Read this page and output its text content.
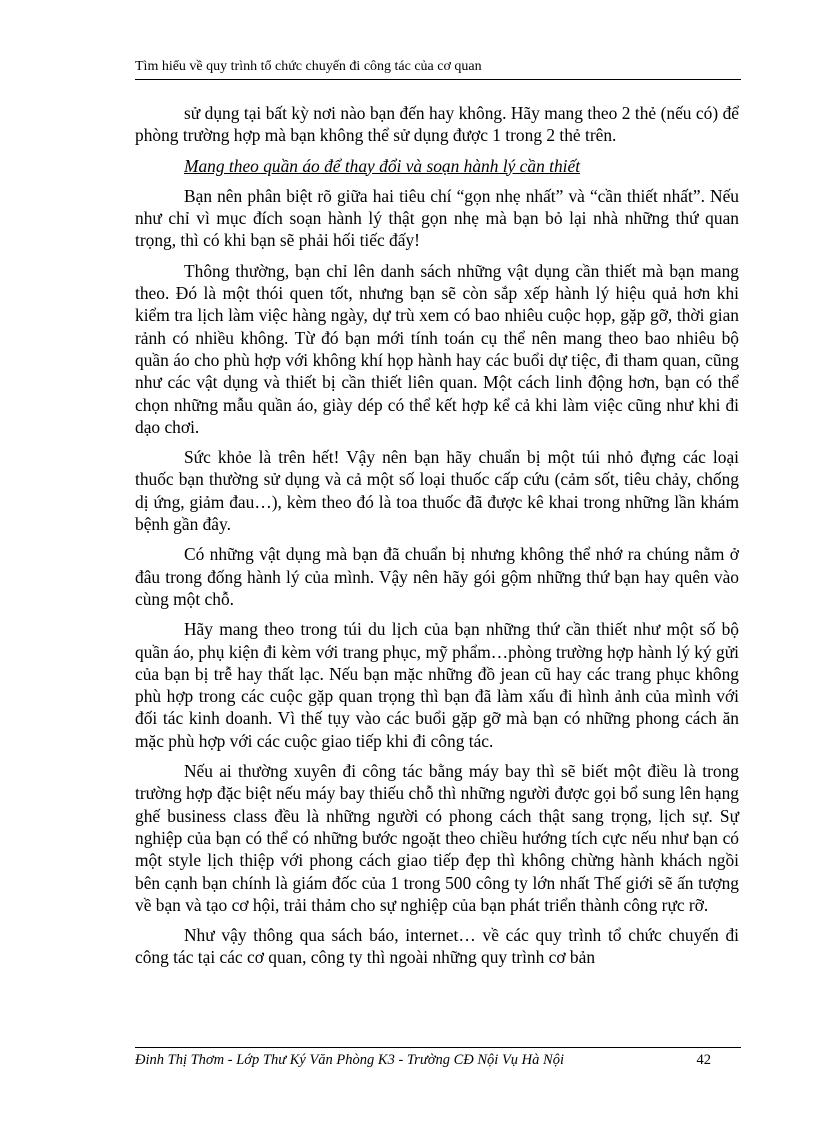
Tìm hiểu về quy trình tổ chức chuyến đi công tác của cơ quan

sử dụng tại bất kỳ nơi nào bạn đến hay không. Hãy mang theo 2 thẻ (nếu có) để phòng trường hợp mà bạn không thể sử dụng được 1 trong 2 thẻ trên.

Mang theo quần áo để thay đổi và soạn hành lý cần thiết

Bạn nên phân biệt rõ giữa hai tiêu chí “gọn nhẹ nhất” và “cần thiết nhất”. Nếu như chỉ vì mục đích soạn hành lý thật gọn nhẹ mà bạn bỏ lại nhà những thứ quan trọng, thì có khi bạn sẽ phải hối tiếc đấy!

Thông thường, bạn chỉ lên danh sách những vật dụng cần thiết mà bạn mang theo. Đó là một thói quen tốt, nhưng bạn sẽ còn sắp xếp hành lý hiệu quả hơn khi kiểm tra lịch làm việc hàng ngày, dự trù xem có bao nhiêu cuộc họp, gặp gỡ, thời gian rảnh có nhiều không. Từ đó bạn mới tính toán cụ thể nên mang theo bao nhiêu bộ quần áo cho phù hợp với không khí họp hành hay các buổi dự tiệc, đi tham quan, cũng như các vật dụng và thiết bị cần thiết liên quan. Một cách linh động hơn, bạn có thể chọn những mẫu quần áo, giày dép có thể kết hợp kể cả khi làm việc cũng như khi đi dạo chơi.

Sức khỏe là trên hết! Vậy nên bạn hãy chuẩn bị một túi nhỏ đựng các loại thuốc bạn thường sử dụng và cả một số loại thuốc cấp cứu (cảm sốt, tiêu chảy, chống dị ứng, giảm đau…), kèm theo đó là toa thuốc đã được kê khai trong những lần khám bệnh gần đây.

Có những vật dụng mà bạn đã chuẩn bị nhưng không thể nhớ ra chúng nằm ở đâu trong đống hành lý của mình. Vậy nên hãy gói gộm những thứ bạn hay quên vào cùng một chỗ.

Hãy mang theo trong túi du lịch của bạn những thứ cần thiết như một số bộ quần áo, phụ kiện đi kèm với trang phục, mỹ phẩm…phòng trường hợp hành lý ký gửi của bạn bị trễ hay thất lạc. Nếu bạn mặc những đồ jean cũ hay các trang phục không phù hợp trong các cuộc gặp quan trọng thì bạn đã làm xấu đi hình ảnh của mình với đối tác kinh doanh. Vì thế tụy vào các buổi gặp gỡ mà bạn có những phong cách ăn mặc phù hợp với các cuộc giao tiếp khi đi công tác.

Nếu ai thường xuyên đi công tác bằng máy bay thì sẽ biết một điều là trong trường hợp đặc biệt nếu máy bay thiếu chỗ thì những người được gọi bổ sung lên hạng ghế business class đều là những người có phong cách thật sang trọng, lịch sự. Sự nghiệp của bạn có thể có những bước ngoặt theo chiều hướng tích cực nếu như bạn có một style lịch thiệp với phong cách giao tiếp đẹp thì không chừng hành khách ngồi bên cạnh bạn chính là giám đốc của 1 trong 500 công ty lớn nhất Thế giới sẽ ấn tượng về bạn và tạo cơ hội, trải thảm cho sự nghiệp của bạn phát triển thành công rực rỡ.

Như vậy thông qua sách báo, internet… về các quy trình tổ chức chuyến đi công tác tại các cơ quan, công ty thì ngoài những quy trình cơ bản

Đinh Thị Thơm - Lớp Thư Ký Văn Phòng K3 - Trường CĐ Nội Vụ Hà Nội	42
